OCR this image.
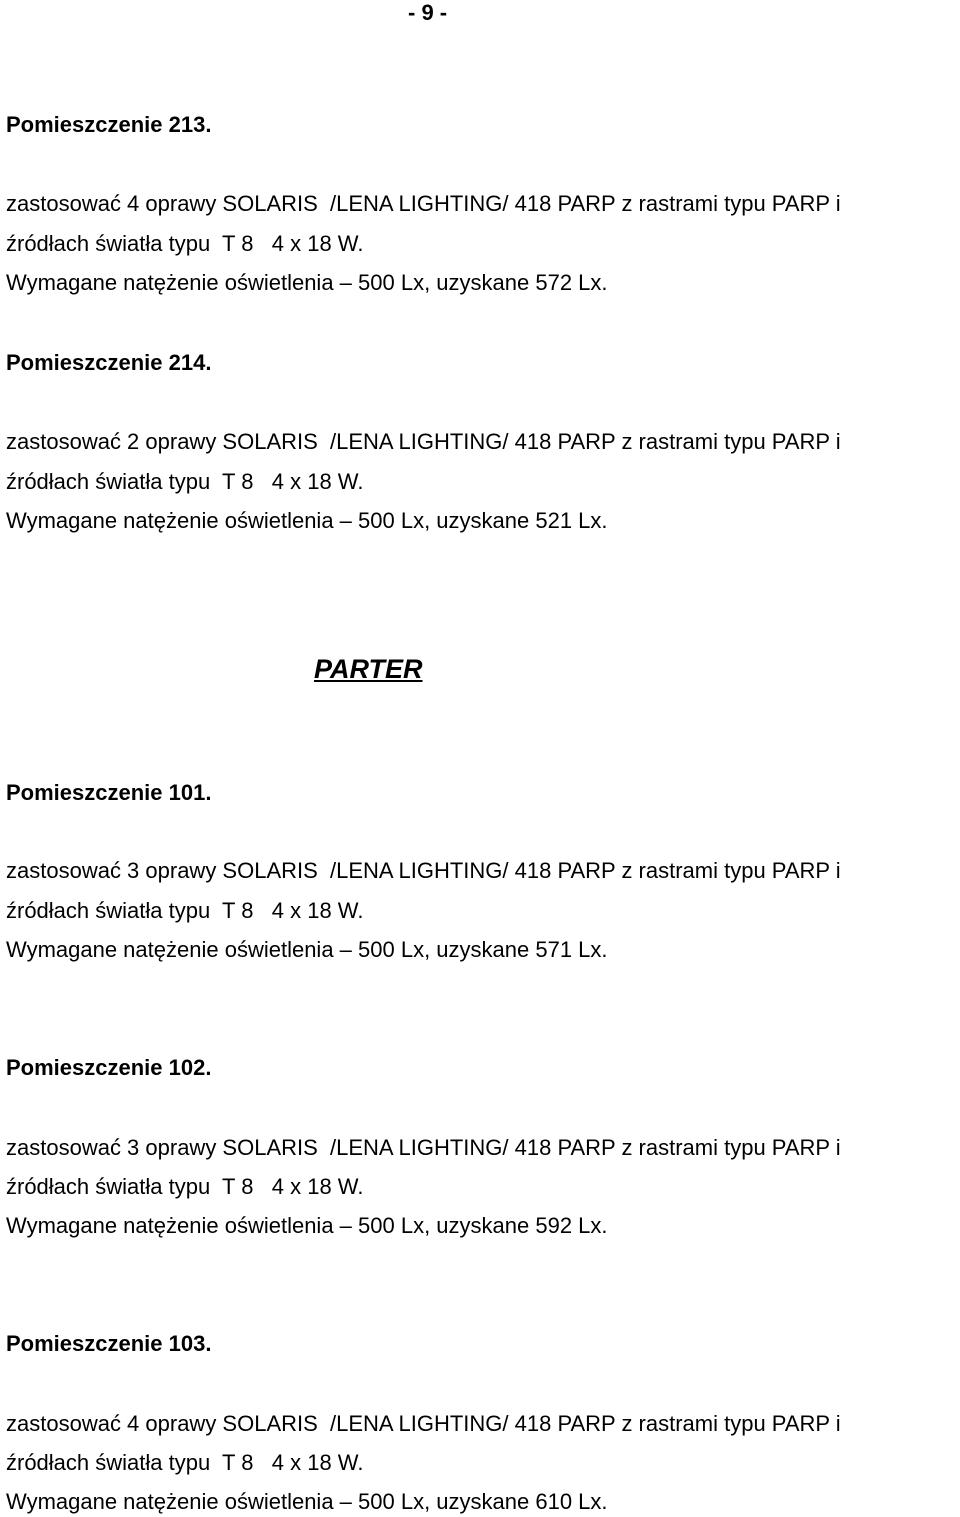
- 9 -
Pomieszczenie 213.
zastosować 4 oprawy SOLARIS  /LENA LIGHTING/ 418 PARP z rastrami typu PARP i
źródłach światła typu  T 8   4 x 18 W.
Wymagane natężenie oświetlenia – 500 Lx, uzyskane 572 Lx.
Pomieszczenie 214.
zastosować 2 oprawy SOLARIS  /LENA LIGHTING/ 418 PARP z rastrami typu PARP i
źródłach światła typu  T 8   4 x 18 W.
Wymagane natężenie oświetlenia – 500 Lx, uzyskane 521 Lx.
PARTER
Pomieszczenie 101.
zastosować 3 oprawy SOLARIS  /LENA LIGHTING/ 418 PARP z rastrami typu PARP i
źródłach światła typu  T 8   4 x 18 W.
Wymagane natężenie oświetlenia – 500 Lx, uzyskane 571 Lx.
Pomieszczenie 102.
zastosować 3 oprawy SOLARIS  /LENA LIGHTING/ 418 PARP z rastrami typu PARP i
źródłach światła typu  T 8   4 x 18 W.
Wymagane natężenie oświetlenia – 500 Lx, uzyskane 592 Lx.
Pomieszczenie 103.
zastosować 4 oprawy SOLARIS  /LENA LIGHTING/ 418 PARP z rastrami typu PARP i
źródłach światła typu  T 8   4 x 18 W.
Wymagane natężenie oświetlenia – 500 Lx, uzyskane 610 Lx.
